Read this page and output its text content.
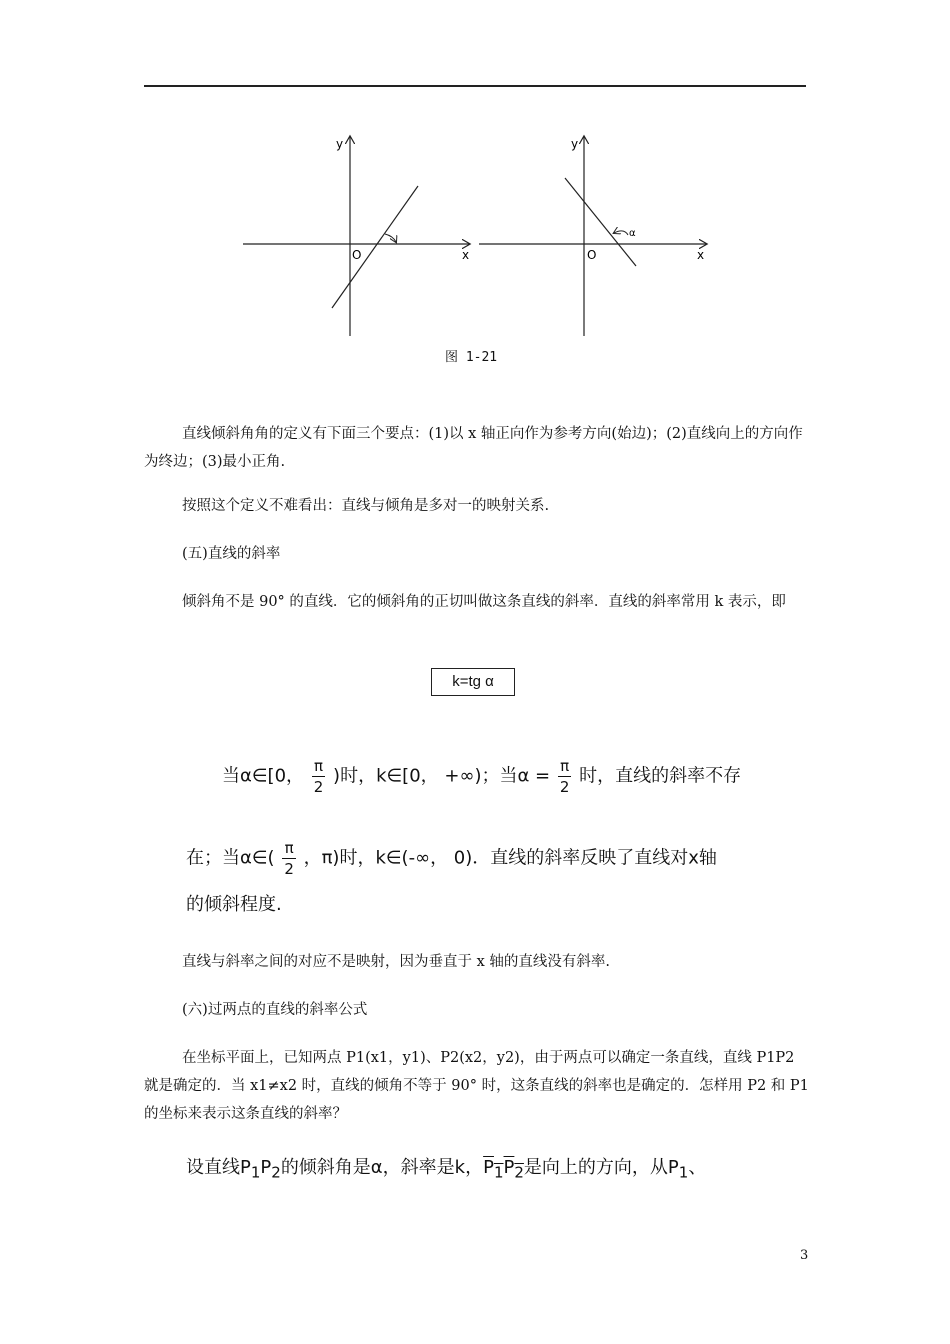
y
x
O
y
x
O
α
图 1-21
直线倾斜角角的定义有下面三个要点：(1)以 x 轴正向作为参考方向(始边)；(2)直线向上的方向作为终边；(3)最小正角.
按照这个定义不难看出：直线与倾角是多对一的映射关系.
(五)直线的斜率
倾斜角不是 90° 的直线．它的倾斜角的正切叫做这条直线的斜率．直线的斜率常用 k 表示，即
k=tg α
当α∈[0， $\frac{\pi}{2}$ )时，k∈[0， +∞)；当$\alpha = \frac{\pi}{2}$ 时，直线的斜率不存
在；当α∈( $\frac{\pi}{2}$ ，π)时，k∈(-∞， 0)．直线的斜率反映了直线对x轴
的倾斜程度.
直线与斜率之间的对应不是映射，因为垂直于 x 轴的直线没有斜率.
(六)过两点的直线的斜率公式
在坐标平面上，已知两点 P1(x1，y1)、P2(x2，y2)，由于两点可以确定一条直线，直线 P1P2 就是确定的．当 x1≠x2 时，直线的倾角不等于 90° 时，这条直线的斜率也是确定的．怎样用 P2 和 P1 的坐标来表示这条直线的斜率？
设直线$P_1P_2$的倾斜角是α，斜率是k，$P_1P_2$是向上的方向，从$P_1$、
3
